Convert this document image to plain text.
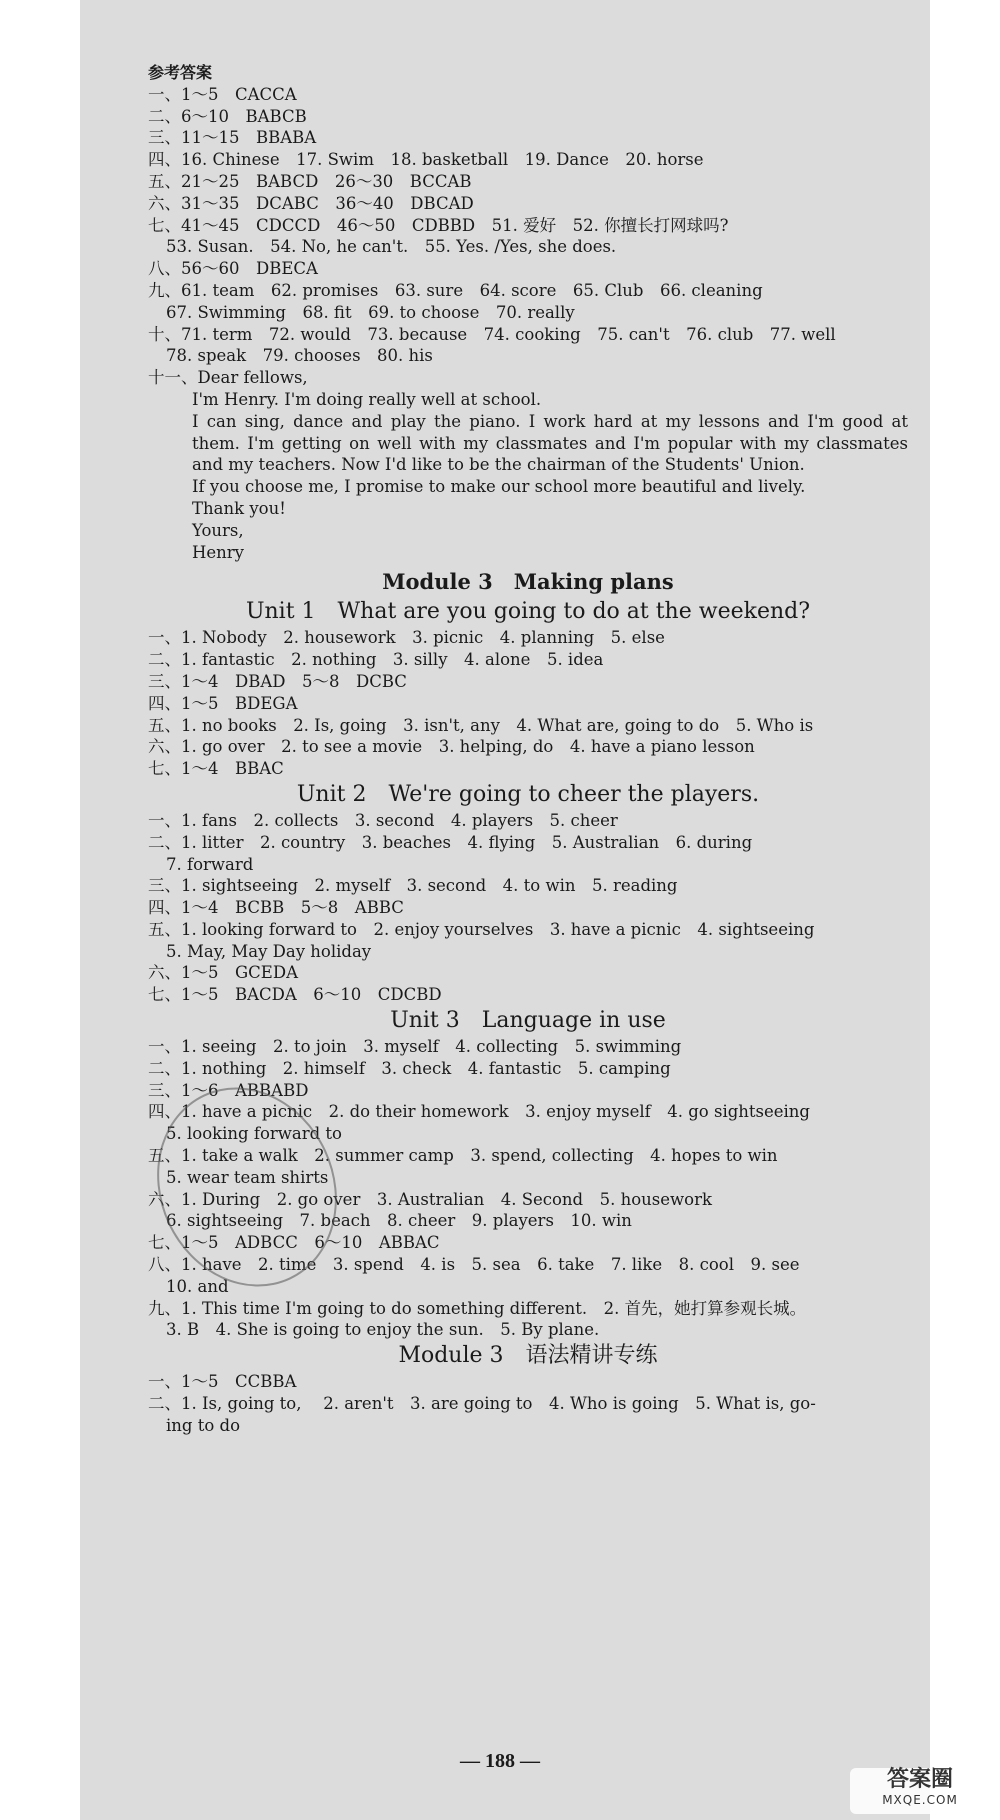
参考答案
一、1～5　CACCA
二、6～10　BABCB
三、11～15　BBABA
四、16. Chinese　17. Swim　18. basketball　19. Dance　20. horse
五、21～25　BABCD　26～30　BCCAB
六、31～35　DCABC　36～40　DBCAD
七、41～45　CDCCD　46～50　CDBBD　51. 爱好　52. 你擅长打网球吗?
53. Susan.　54. No, he can't.　55. Yes. /Yes, she does.
八、56～60　DBECA
九、61. team　62. promises　63. sure　64. score　65. Club　66. cleaning
67. Swimming　68. fit　69. to choose　70. really
十、71. term　72. would　73. because　74. cooking　75. can't　76. club　77. well
78. speak　79. chooses　80. his
十一、Dear fellows,
I'm Henry. I'm doing really well at school.
I can sing, dance and play the piano. I work hard at my lessons and I'm good at them. I'm getting on well with my classmates and I'm popular with my classmates and my teachers. Now I'd like to be the chairman of the Students' Union.
If you choose me, I promise to make our school more beautiful and lively.
Thank you!
Yours,
Henry
Module 3　Making plans
Unit 1　What are you going to do at the weekend?
一、1. Nobody　2. housework　3. picnic　4. planning　5. else
二、1. fantastic　2. nothing　3. silly　4. alone　5. idea
三、1～4　DBAD　5～8　DCBC
四、1～5　BDEGA
五、1. no books　2. Is, going　3. isn't, any　4. What are, going to do　5. Who is
六、1. go over　2. to see a movie　3. helping, do　4. have a piano lesson
七、1～4　BBAC
Unit 2　We're going to cheer the players.
一、1. fans　2. collects　3. second　4. players　5. cheer
二、1. litter　2. country　3. beaches　4. flying　5. Australian　6. during
7. forward
三、1. sightseeing　2. myself　3. second　4. to win　5. reading
四、1～4　BCBB　5～8　ABBC
五、1. looking forward to　2. enjoy yourselves　3. have a picnic　4. sightseeing
5. May, May Day holiday
六、1～5　GCEDA
七、1～5　BACDA　6～10　CDCBD
Unit 3　Language in use
一、1. seeing　2. to join　3. myself　4. collecting　5. swimming
二、1. nothing　2. himself　3. check　4. fantastic　5. camping
三、1～6　ABBABD
四、1. have a picnic　2. do their homework　3. enjoy myself　4. go sightseeing
5. looking forward to
五、1. take a walk　2. summer camp　3. spend, collecting　4. hopes to win
5. wear team shirts
六、1. During　2. go over　3. Australian　4. Second　5. housework
6. sightseeing　7. beach　8. cheer　9. players　10. win
七、1～5　ADBCC　6～10　ABBAC
八、1. have　2. time　3. spend　4. is　5. sea　6. take　7. like　8. cool　9. see
10. and
九、1. This time I'm going to do something different.　2. 首先，她打算参观长城。
3. B　4. She is going to enjoy the sun.　5. By plane.
Module 3　语法精讲专练
一、1～5　CCBBA
二、1. Is, going to, 　2. aren't　3. are going to　4. Who is going　5. What is, go-
ing to do
— 188 —
答案圈
MXQE.COM
